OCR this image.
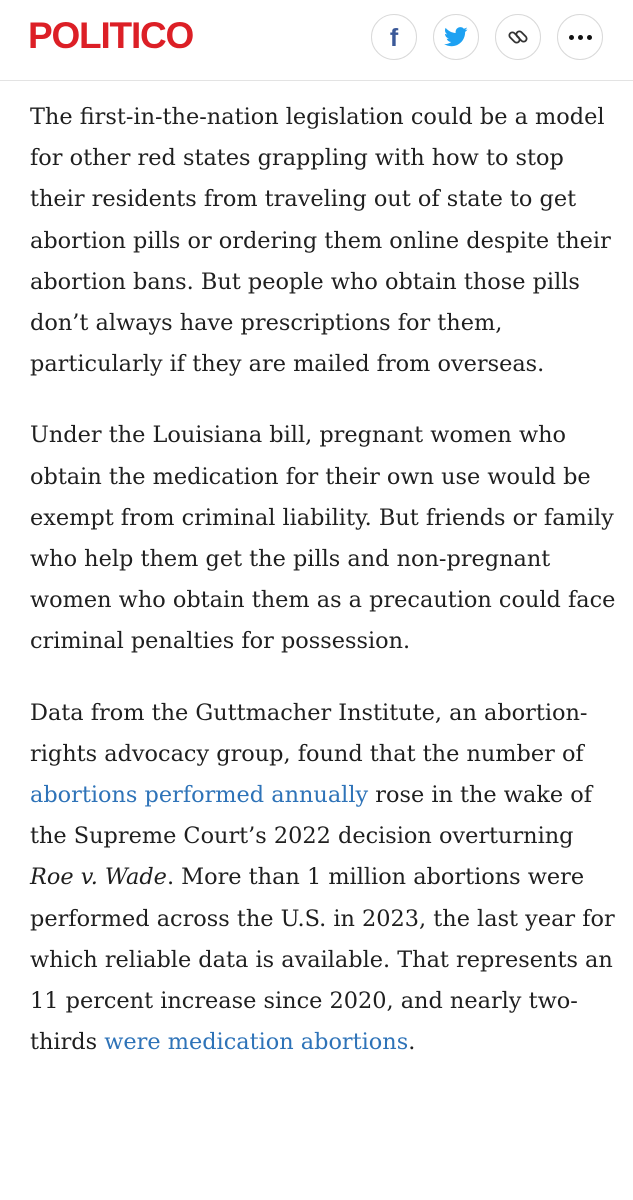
POLITICO	f

The first-in-the-nation legislation could be a model for other red states grappling with how to stop their residents from traveling out of state to get abortion pills or ordering them online despite their abortion bans. But people who obtain those pills don’t always have prescriptions for them, particularly if they are mailed from overseas.

Under the Louisiana bill, pregnant women who obtain the medication for their own use would be exempt from criminal liability. But friends or family who help them get the pills and non-pregnant women who obtain them as a precaution could face criminal penalties for possession.

Data from the Guttmacher Institute, an abortion-rights advocacy group, found that the number of abortions performed annually rose in the wake of the Supreme Court’s 2022 decision overturning Roe v. Wade. More than 1 million abortions were performed across the U.S. in 2023, the last year for which reliable data is available. That represents an 11 percent increase since 2020, and nearly two-thirds were medication abortions.
